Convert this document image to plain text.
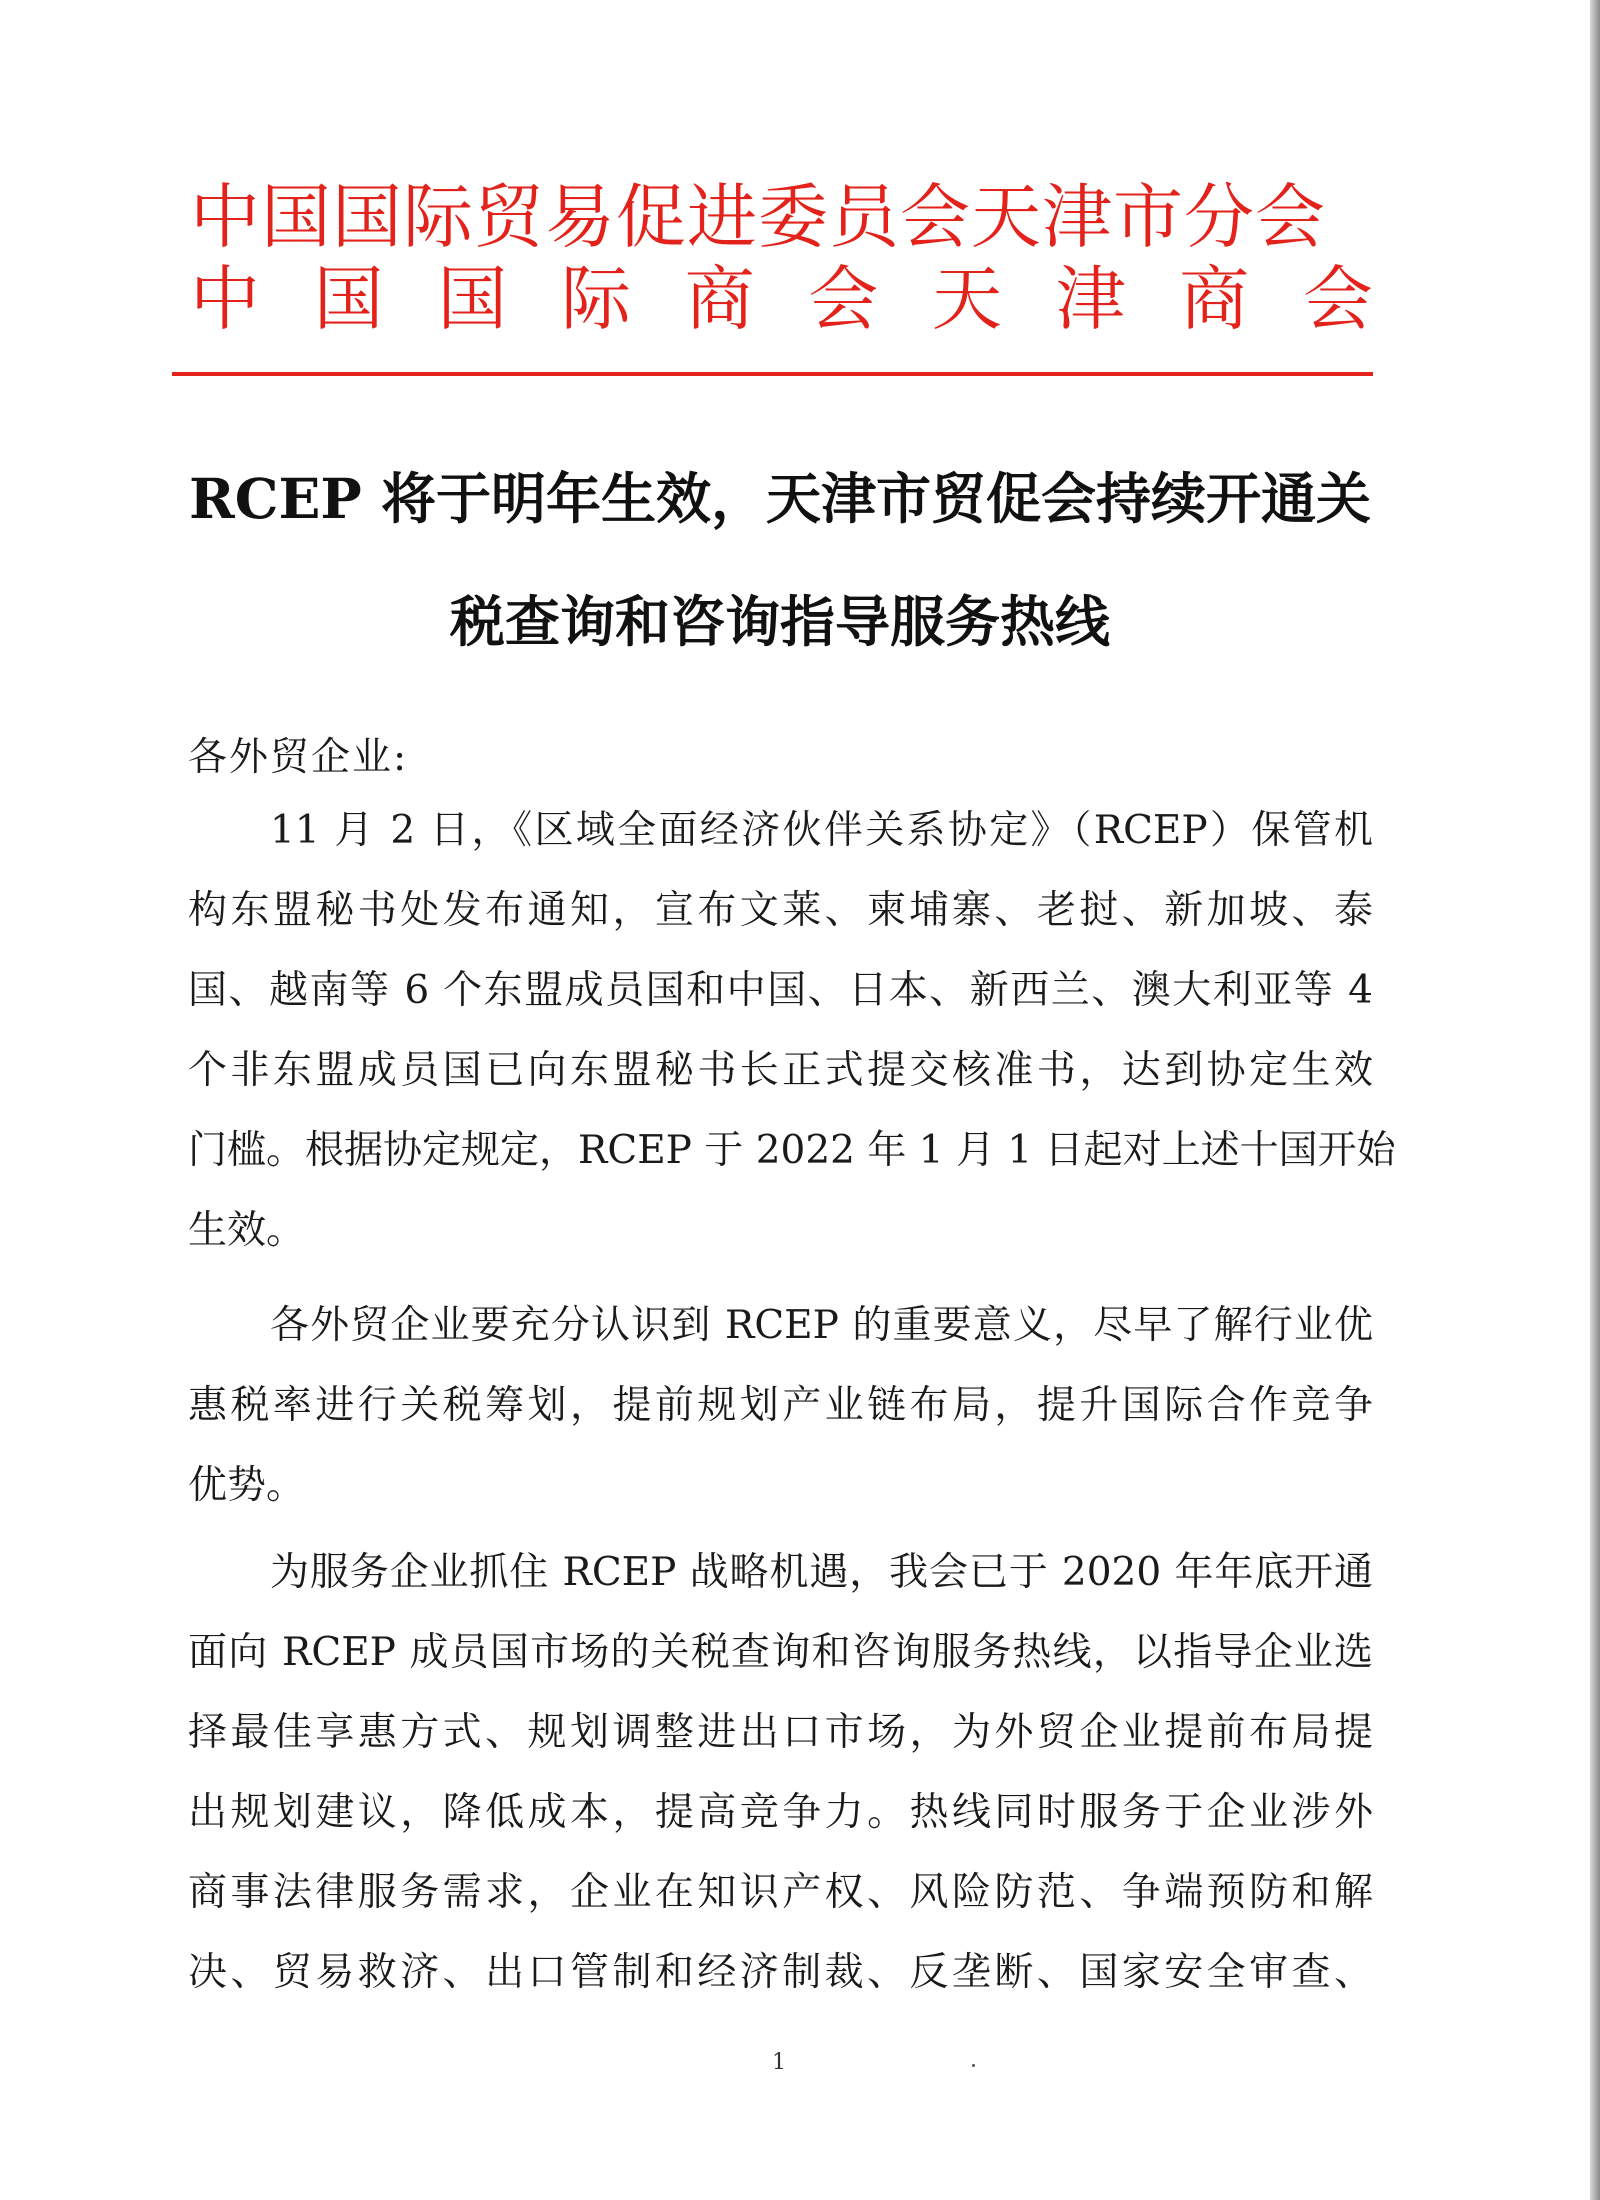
中国国际贸易促进委员会天津市分会
中 国 国 际 商 会 天 津 商 会
RCEP 将于明年生效，天津市贸促会持续开通关
税查询和咨询指导服务热线
各外贸企业:
11 月 2 日，《区域全面经济伙伴关系协定》（RCEP）保管机
构东盟秘书处发布通知，宣布文莱、柬埔寨、老挝、新加坡、泰
国、越南等 6 个东盟成员国和中国、日本、新西兰、澳大利亚等 4
个非东盟成员国已向东盟秘书长正式提交核准书，达到协定生效
门槛。根据协定规定，RCEP 于 2022 年 1 月 1 日起对上述十国开始
生效。
各外贸企业要充分认识到 RCEP 的重要意义，尽早了解行业优
惠税率进行关税筹划，提前规划产业链布局，提升国际合作竞争
优势。
为服务企业抓住 RCEP 战略机遇，我会已于 2020 年年底开通
面向 RCEP 成员国市场的关税查询和咨询服务热线，以指导企业选
择最佳享惠方式、规划调整进出口市场，为外贸企业提前布局提
出规划建议，降低成本，提高竞争力。热线同时服务于企业涉外
商事法律服务需求，企业在知识产权、风险防范、争端预防和解
决、贸易救济、出口管制和经济制裁、反垄断、国家安全审查、
1
